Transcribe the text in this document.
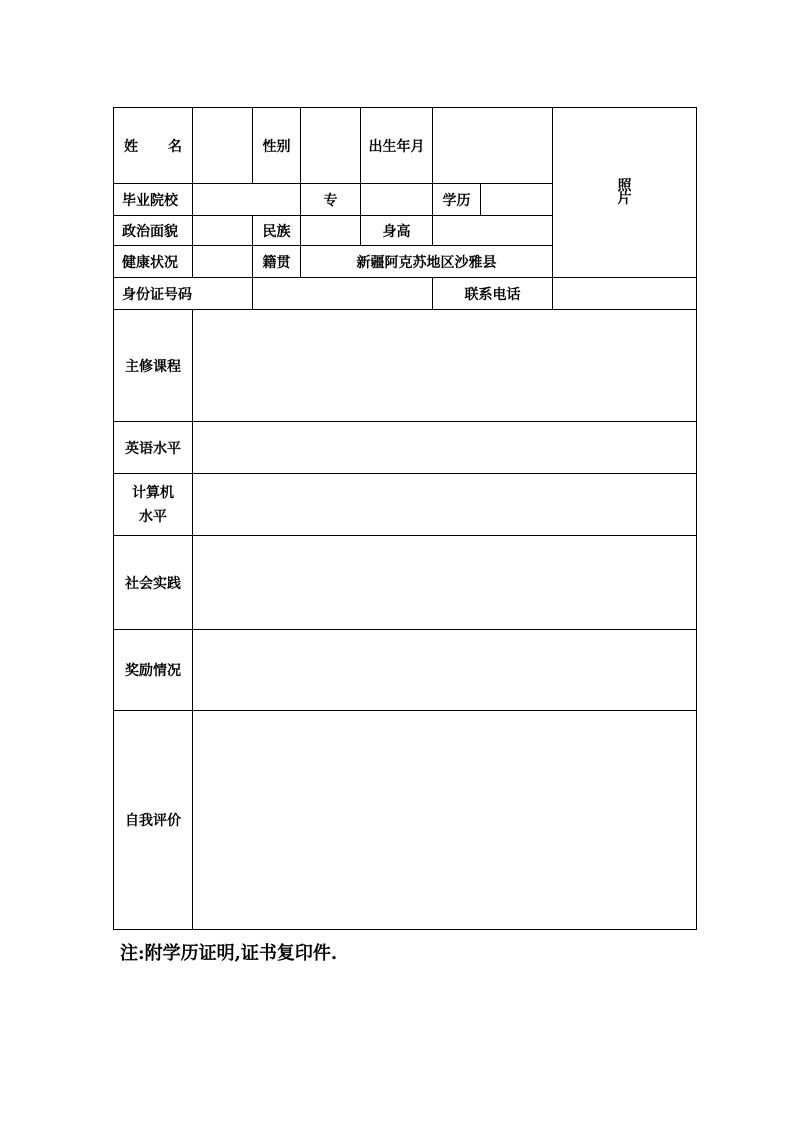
姓 名		性别		出生年月			照片

毕业院校			专		学历		
政治面貌		民族		身高			
健康状况		籍贯	新疆阿克苏地区沙雅县				
身份证号码					联系电话		
主修课程							
英语水平							
计算机水平							
社会实践							
奖励情况							
自我评价							
注:附学历证明,证书复印件.
